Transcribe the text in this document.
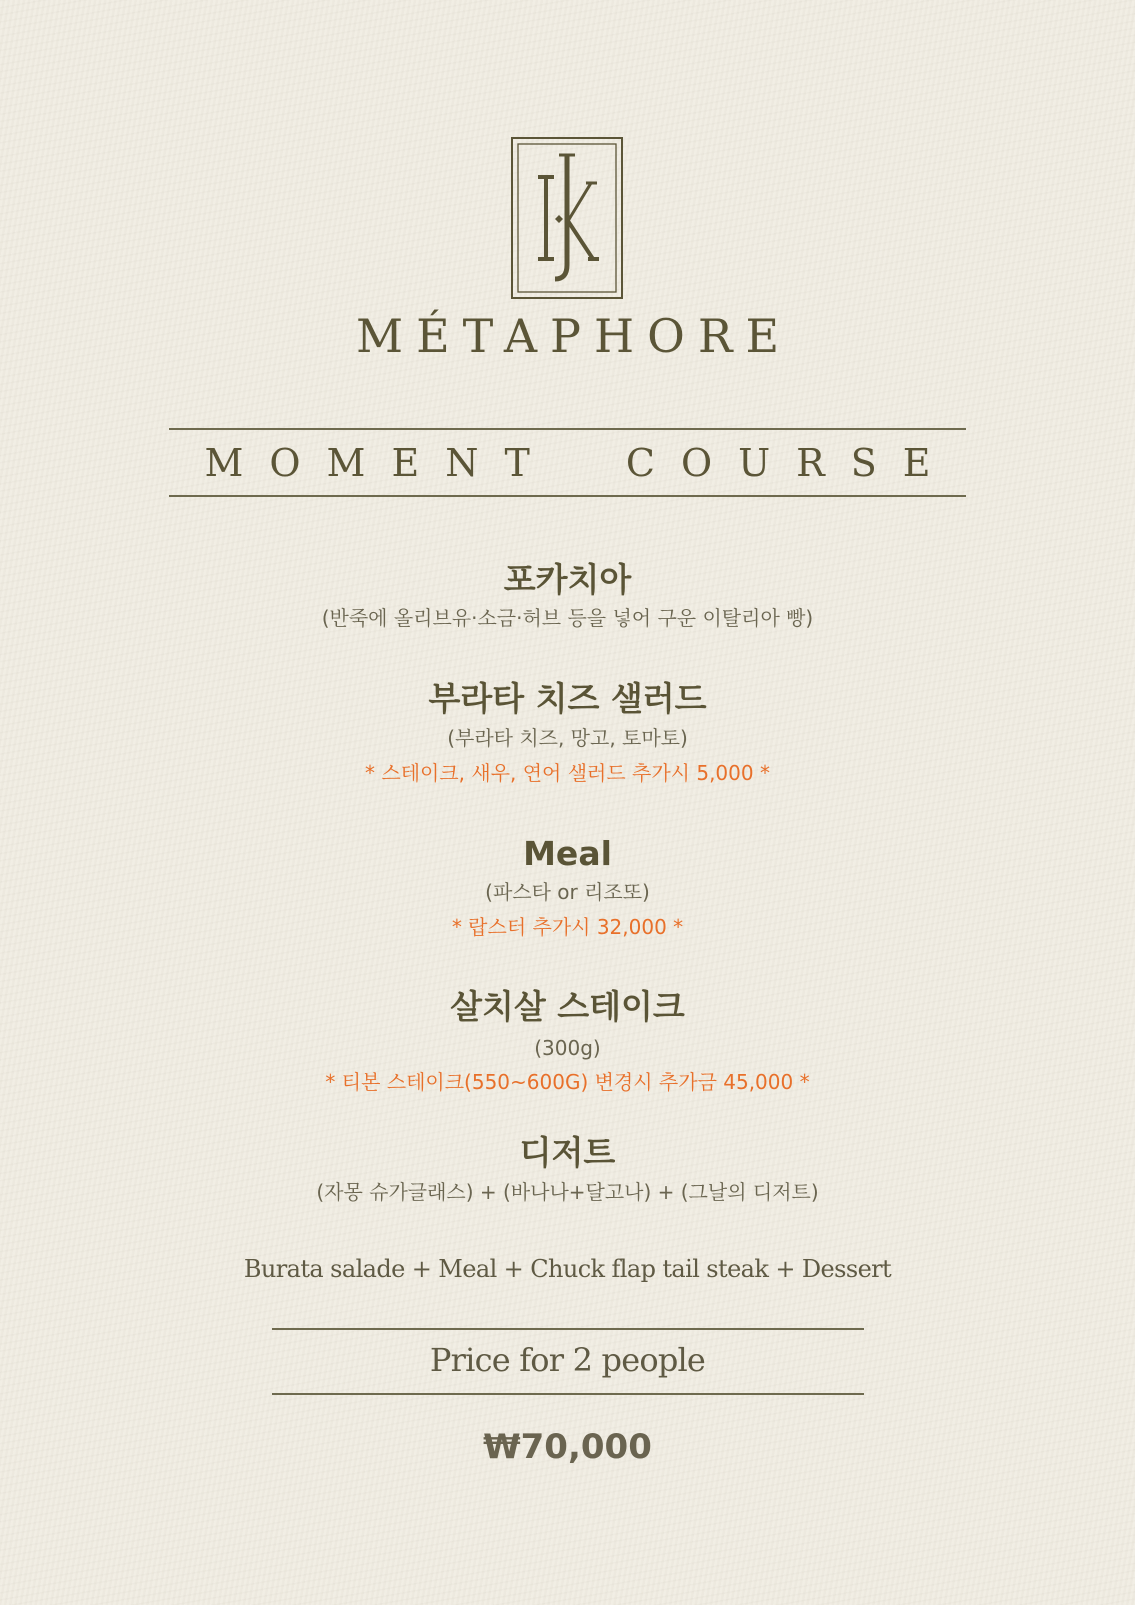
JK
MÉTAPHORE
MOMENT COURSE
포카치아
(반죽에 올리브유·소금·허브 등을 넣어 구운 이탈리아 빵)
부라타 치즈 샐러드
(부라타 치즈, 망고, 토마토)
* 스테이크, 새우, 연어 샐러드 추가시 5,000 *
Meal
(파스타 or 리조또)
* 랍스터 추가시 32,000 *
살치살 스테이크
(300g)
* 티본 스테이크(550~600G) 변경시 추가금 45,000 *
디저트
(자몽 슈가글래스) + (바나나+달고나) + (그날의 디저트)
Burata salade + Meal + Chuck flap tail steak + Dessert
Price for 2 people
₩70,000
